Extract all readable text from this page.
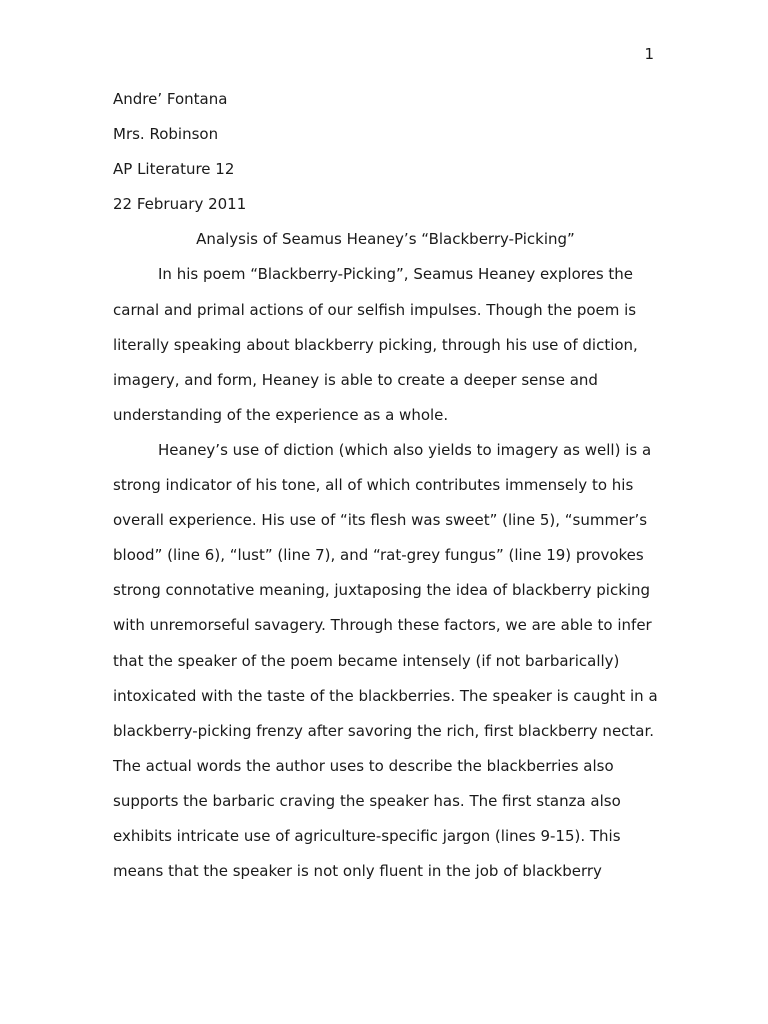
1
Andre’ Fontana
Mrs. Robinson
AP Literature 12
22 February 2011
Analysis of Seamus Heaney’s “Blackberry-Picking”
In his poem “Blackberry-Picking”, Seamus Heaney explores the
carnal and primal actions of our selfish impulses. Though the poem is
literally speaking about blackberry picking, through his use of diction,
imagery, and form, Heaney is able to create a deeper sense and
understanding of the experience as a whole.
Heaney’s use of diction (which also yields to imagery as well) is a
strong indicator of his tone, all of which contributes immensely to his
overall experience. His use of “its flesh was sweet” (line 5), “summer’s
blood” (line 6), “lust” (line 7), and “rat-grey fungus” (line 19) provokes
strong connotative meaning, juxtaposing the idea of blackberry picking
with unremorseful savagery. Through these factors, we are able to infer
that the speaker of the poem became intensely (if not barbarically)
intoxicated with the taste of the blackberries. The speaker is caught in a
blackberry-picking frenzy after savoring the rich, first blackberry nectar.
The actual words the author uses to describe the blackberries also
supports the barbaric craving the speaker has. The first stanza also
exhibits intricate use of agriculture-specific jargon (lines 9-15). This
means that the speaker is not only fluent in the job of blackberry
